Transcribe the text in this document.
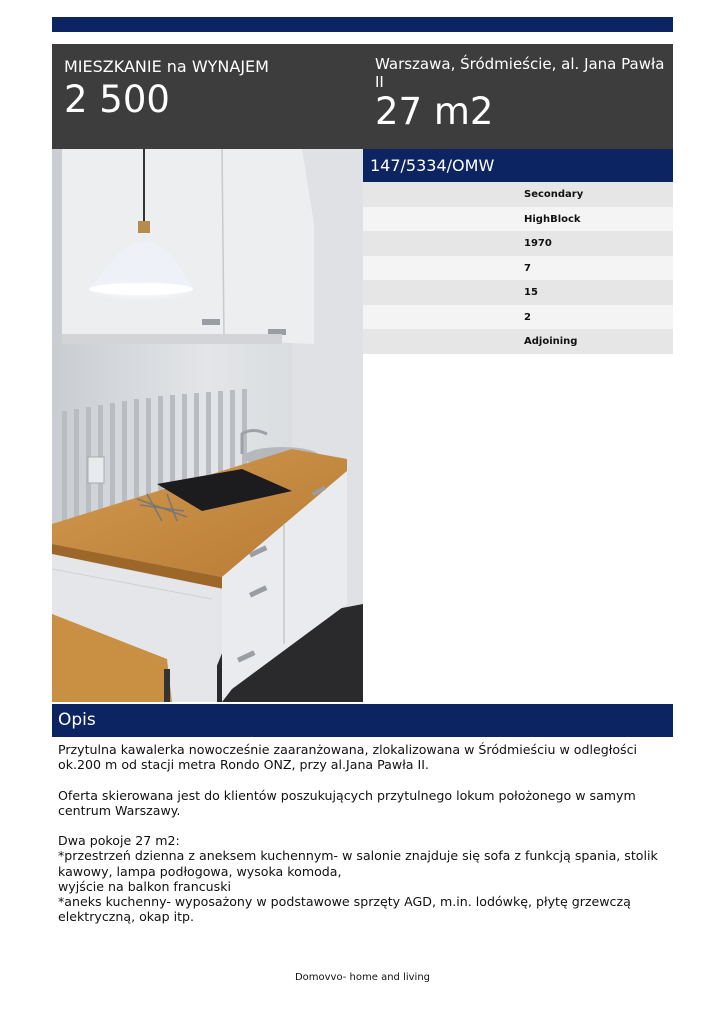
MIESZKANIE na WYNAJEM
2 500
Warszawa, Śródmieście, al. Jana Pawła II
27 m2
147/5334/OMW
Secondary
HighBlock
1970
7
15
2
Adjoining
Opis

Przytulna kawalerka nowocześnie zaaranżowana, zlokalizowana w Śródmieściu w odległości ok.200 m od stacji metra Rondo ONZ, przy al.Jana Pawła II.

Oferta skierowana jest do klientów poszukujących przytulnego lokum położonego w samym centrum Warszawy.

Dwa pokoje 27 m2:

*przestrzeń dzienna z aneksem kuchennym- w salonie znajduje się sofa z funkcją spania, stolik kawowy, lampa podłogowa, wysoka komoda,

wyjście na balkon francuski

*aneks kuchenny- wyposażony w podstawowe sprzęty AGD, m.in. lodówkę, płytę grzewczą elektryczną, okap itp.

Domovvo- home and living
